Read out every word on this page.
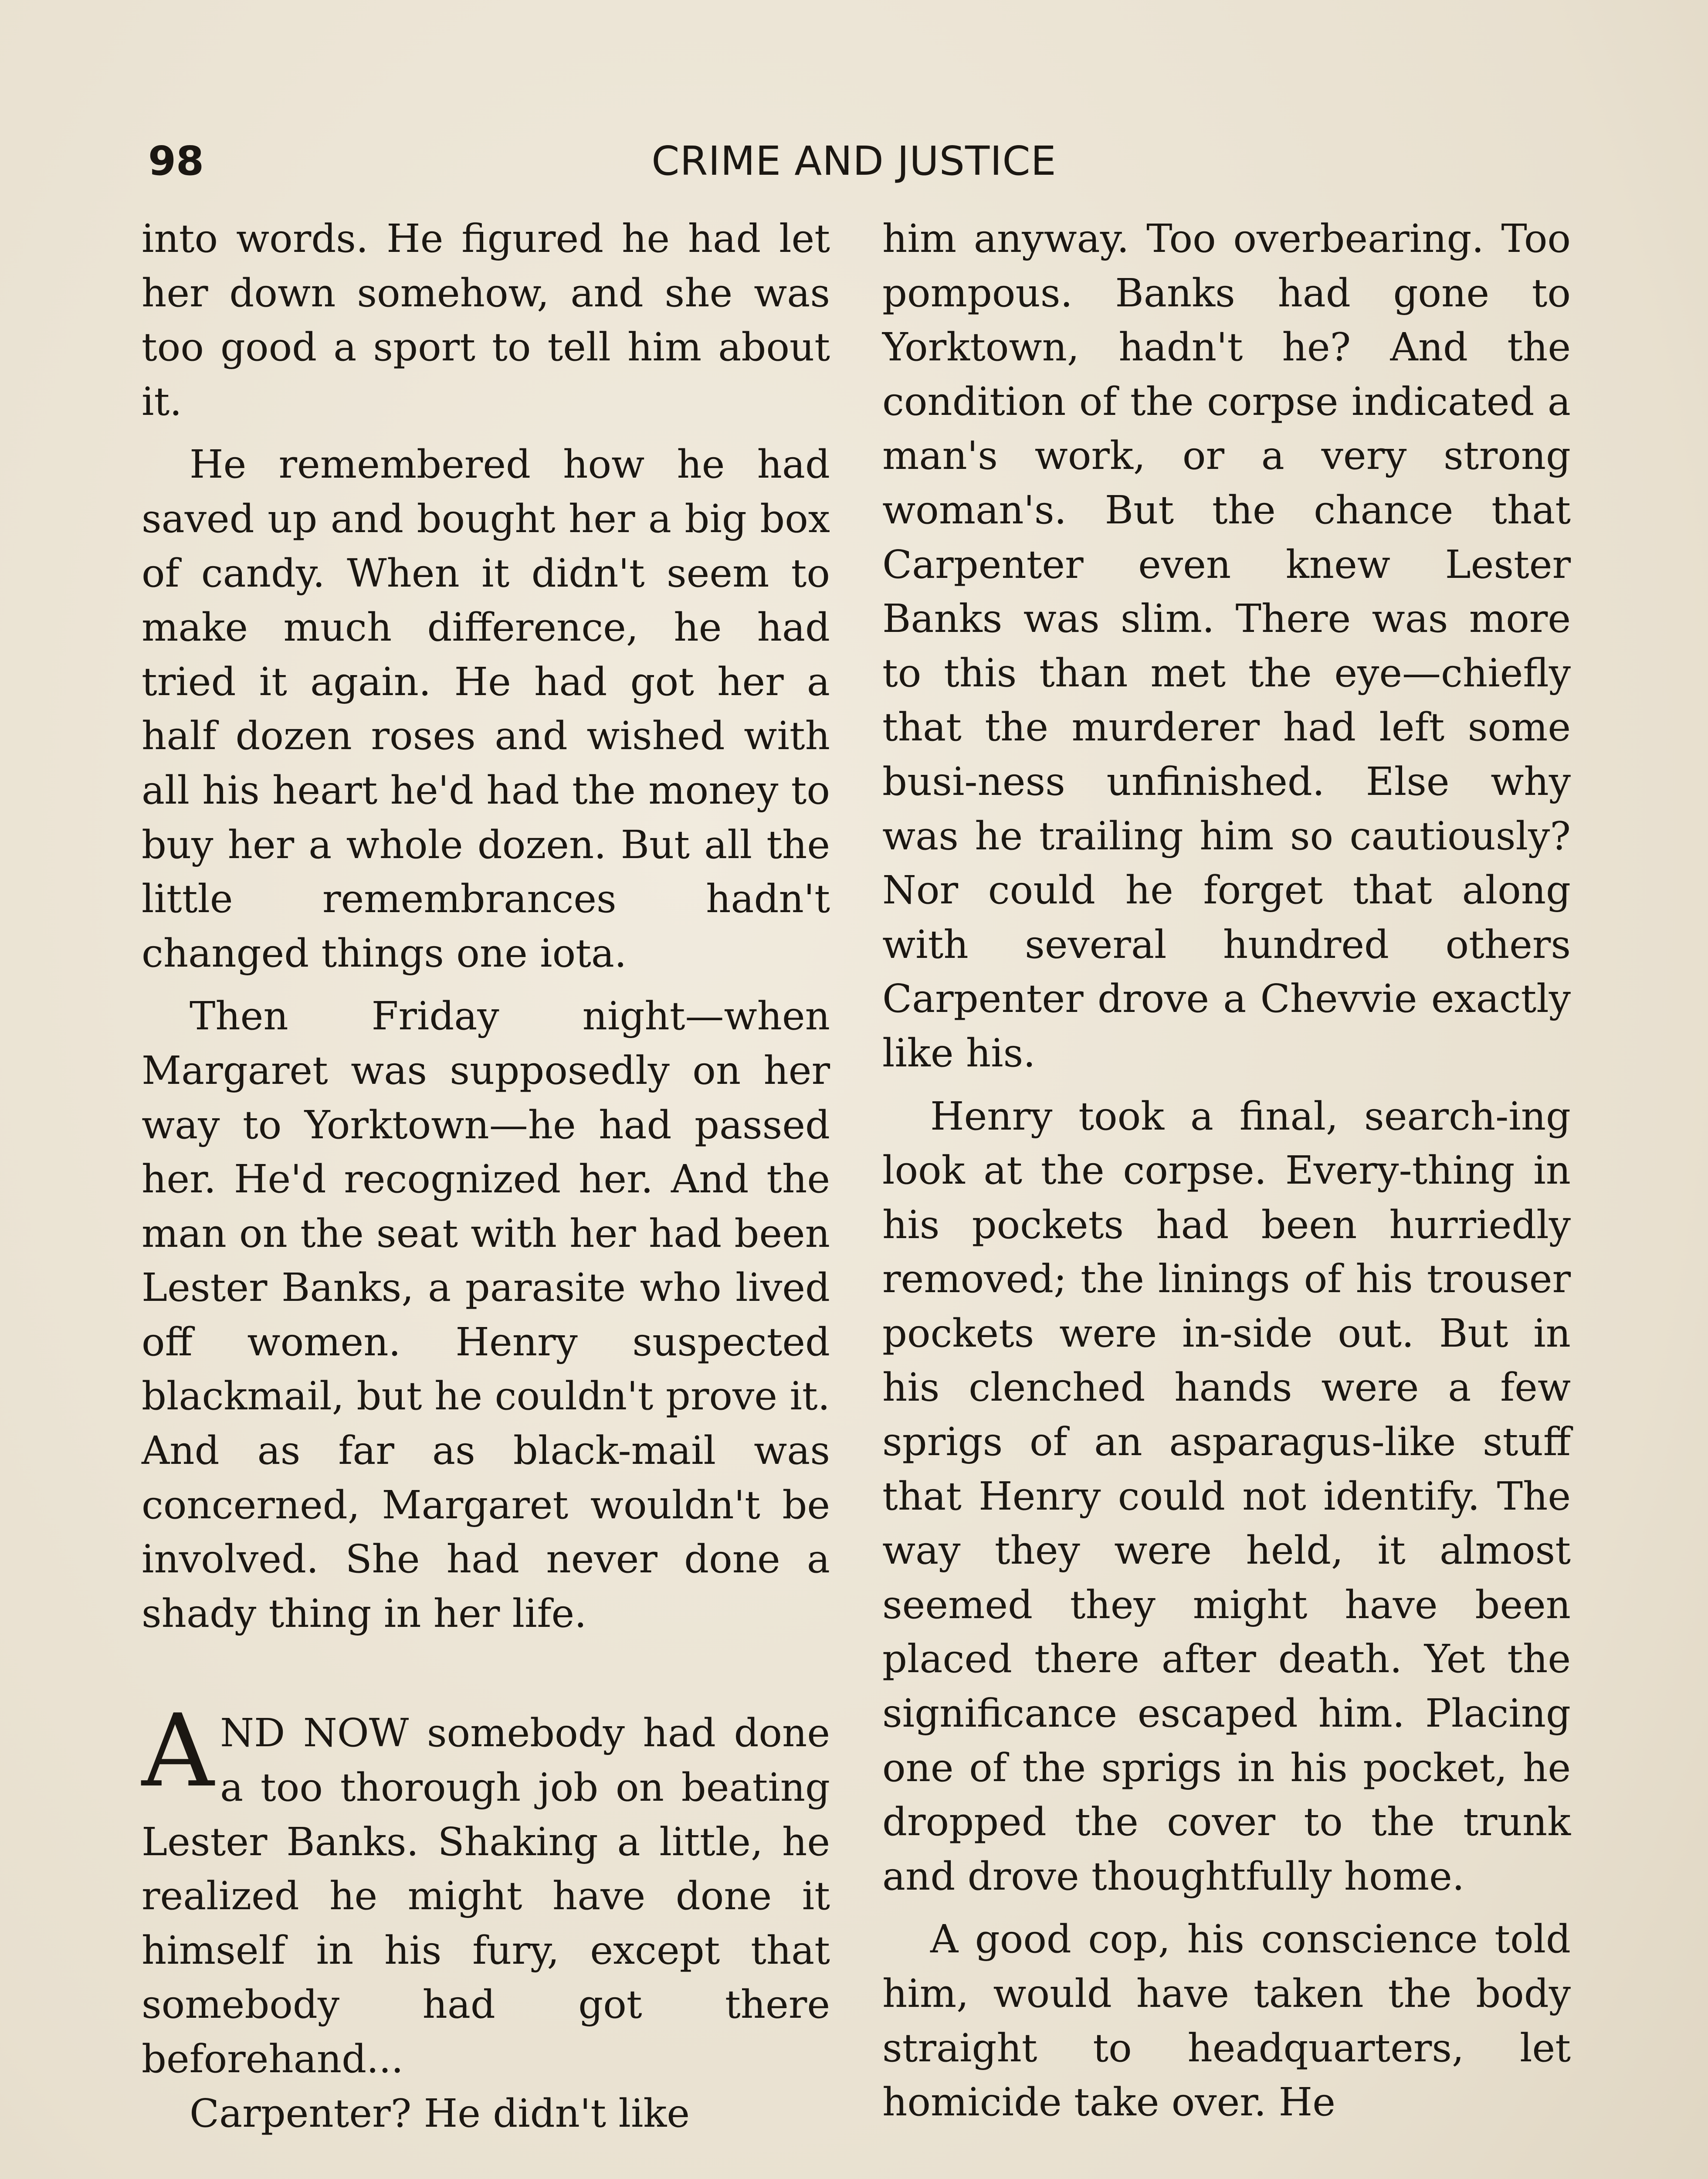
98	CRIME AND JUSTICE

into words. He figured he had let her down somehow, and she was too good a sport to tell him about it.

He remembered how he had saved up and bought her a big box of candy. When it didn't seem to make much difference, he had tried it again. He had got her a half dozen roses and wished with all his heart he'd had the money to buy her a whole dozen. But all the little remembrances hadn't changed things one iota.

Then Friday night—when Margaret was supposedly on her way to Yorktown—he had passed her. He'd recognized her. And the man on the seat with her had been Lester Banks, a parasite who lived off women. Henry suspected blackmail, but he couldn't prove it. And as far as black-mail was concerned, Margaret wouldn't be involved. She had never done a shady thing in her life.

AND NOW somebody had done a too thorough job on beating Lester Banks. Shaking a little, he realized he might have done it himself in his fury, except that somebody had got there beforehand...

Carpenter? He didn't like

him anyway. Too overbearing. Too pompous. Banks had gone to Yorktown, hadn't he? And the condition of the corpse indicated a man's work, or a very strong woman's. But the chance that Carpenter even knew Lester Banks was slim. There was more to this than met the eye—chiefly that the murderer had left some busi-ness unfinished. Else why was he trailing him so cautiously? Nor could he forget that along with several hundred others Carpenter drove a Chevvie exactly like his.

Henry took a final, search-ing look at the corpse. Every-thing in his pockets had been hurriedly removed; the linings of his trouser pockets were in-side out. But in his clenched hands were a few sprigs of an asparagus-like stuff that Henry could not identify. The way they were held, it almost seemed they might have been placed there after death. Yet the significance escaped him. Placing one of the sprigs in his pocket, he dropped the cover to the trunk and drove thoughtfully home.

A good cop, his conscience told him, would have taken the body straight to headquarters, let homicide take over. He
